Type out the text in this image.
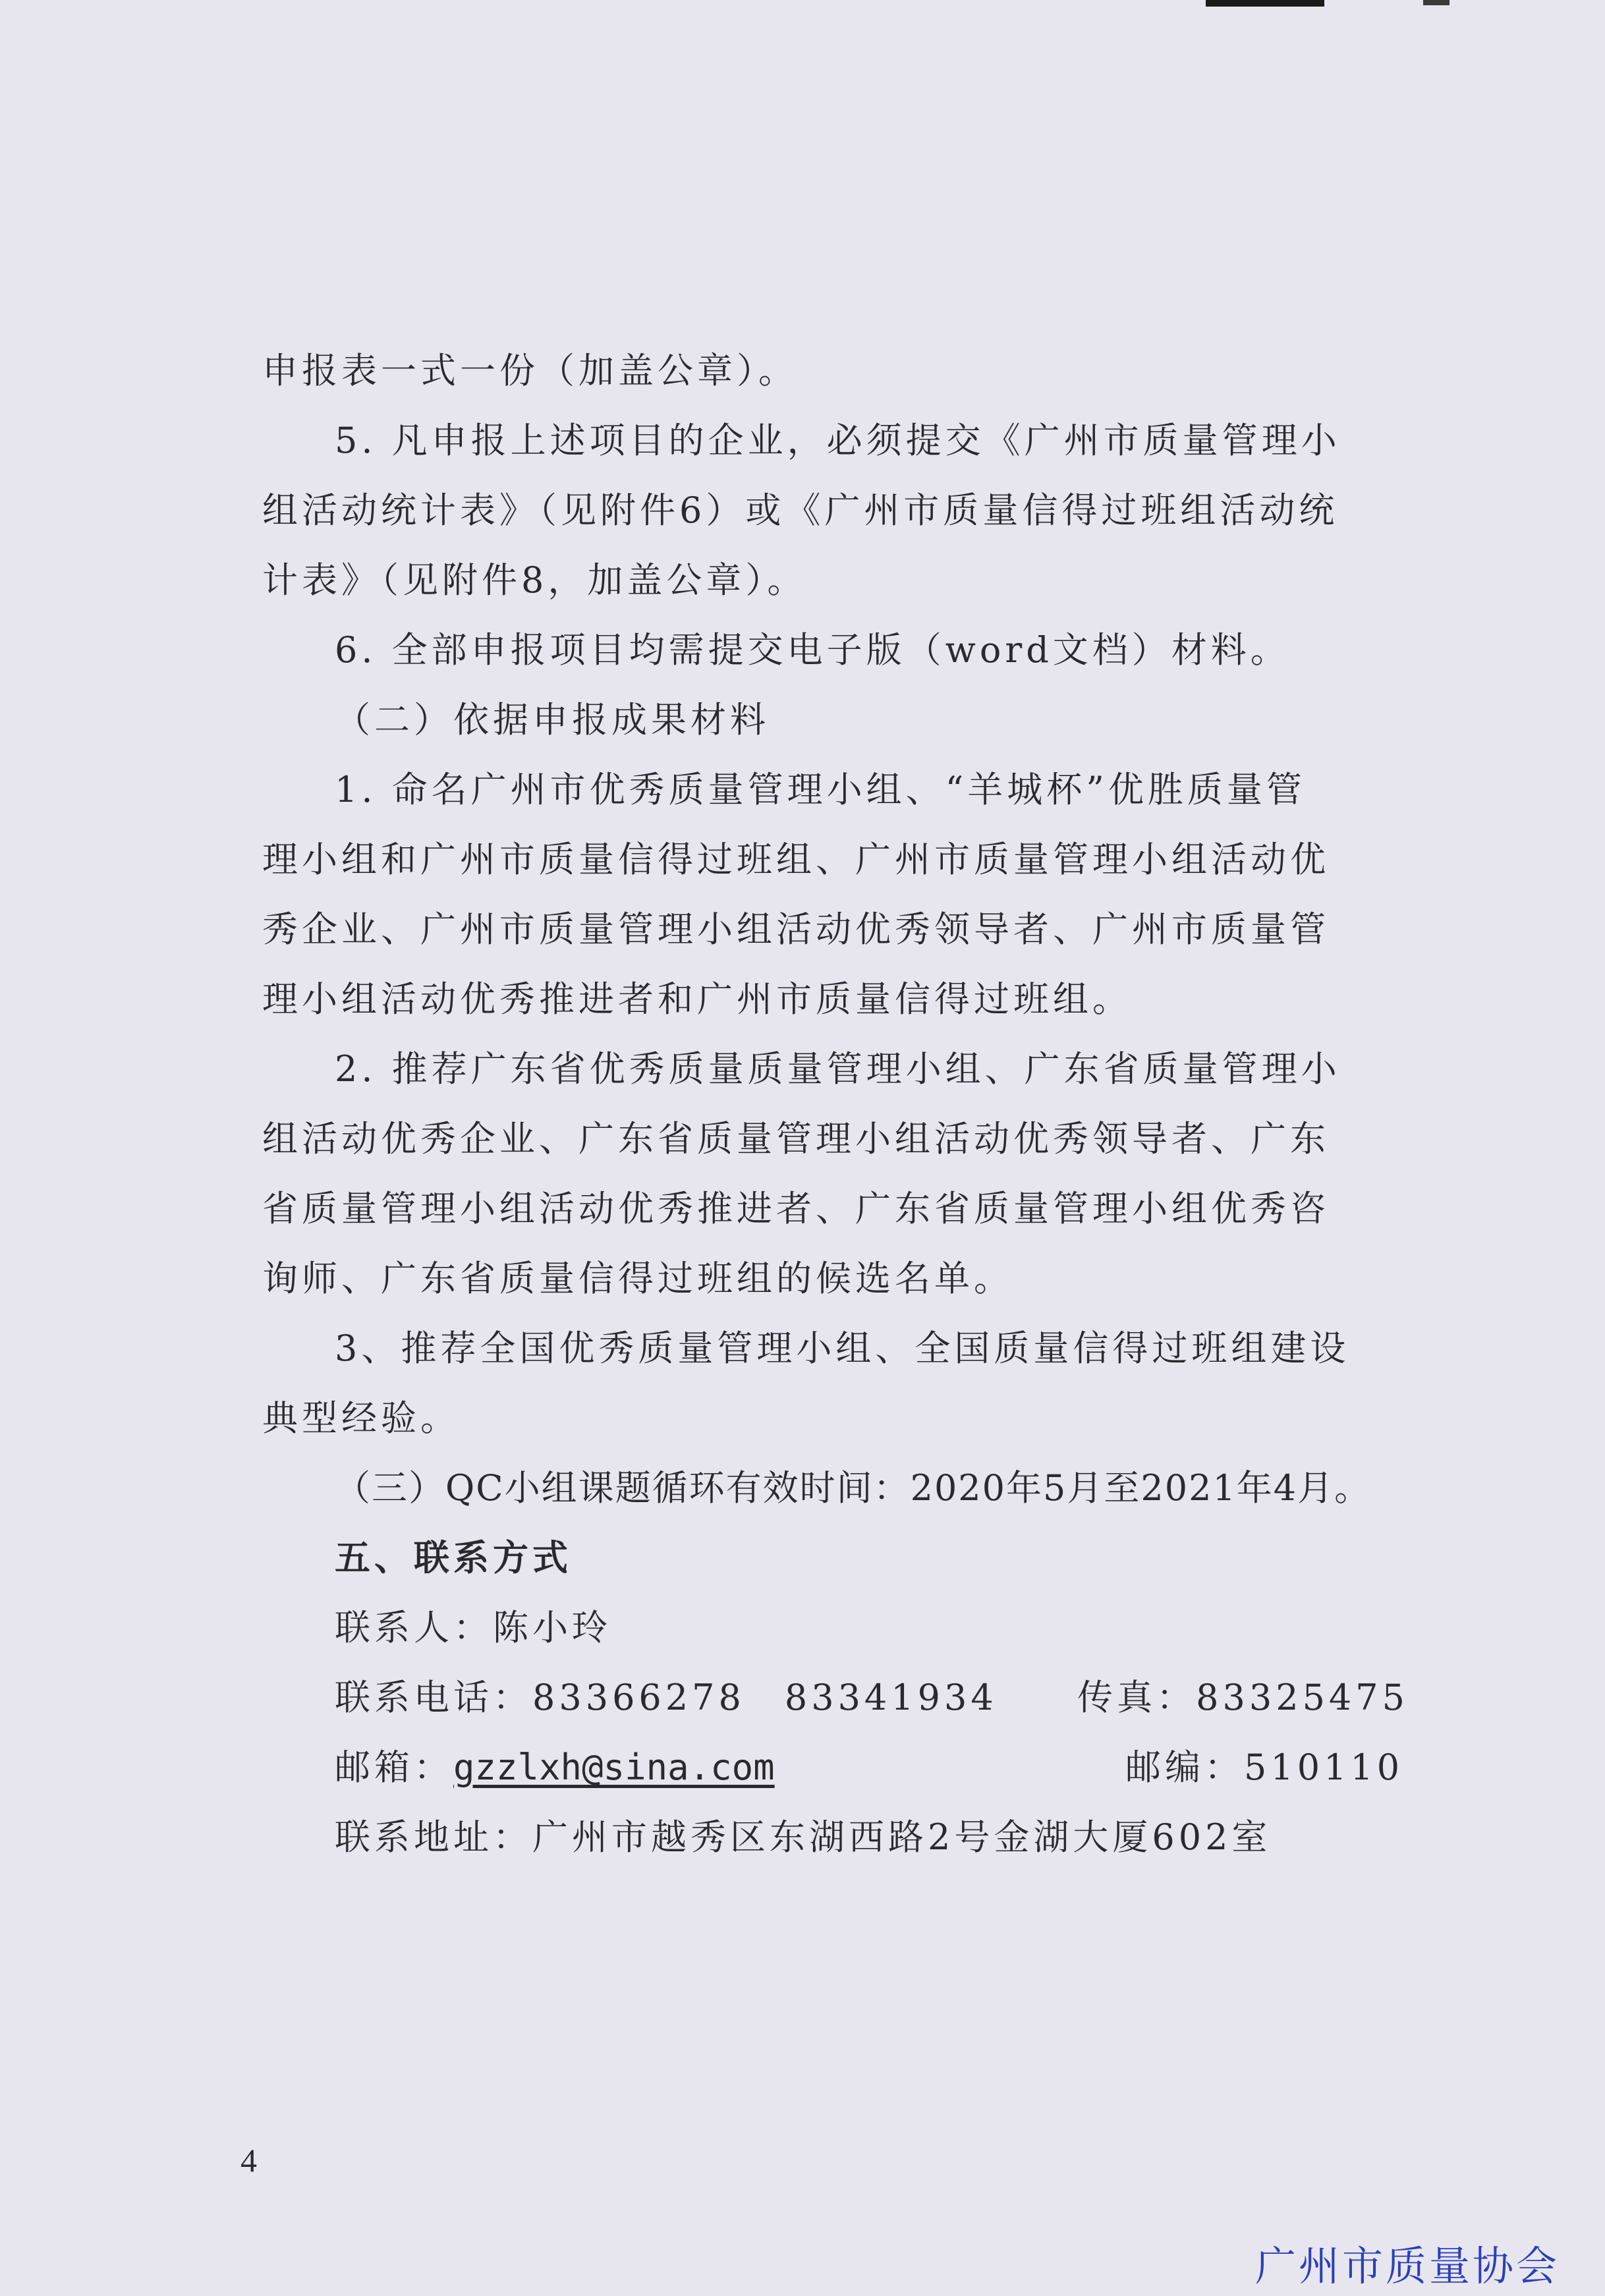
申报表一式一份（加盖公章）。
5. 凡申报上述项目的企业，必须提交《广州市质量管理小
组活动统计表》（见附件6）或《广州市质量信得过班组活动统
计表》（见附件8，加盖公章）。
6. 全部申报项目均需提交电子版（word文档）材料。
（二）依据申报成果材料
1. 命名广州市优秀质量管理小组、“羊城杯”优胜质量管
理小组和广州市质量信得过班组、广州市质量管理小组活动优
秀企业、广州市质量管理小组活动优秀领导者、广州市质量管
理小组活动优秀推进者和广州市质量信得过班组。
2. 推荐广东省优秀质量质量管理小组、广东省质量管理小
组活动优秀企业、广东省质量管理小组活动优秀领导者、广东
省质量管理小组活动优秀推进者、广东省质量管理小组优秀咨
询师、广东省质量信得过班组的候选名单。
3、推荐全国优秀质量管理小组、全国质量信得过班组建设
典型经验。
（三）QC小组课题循环有效时间：2020年5月至2021年4月。
五、联系方式
联系人：陈小玲
联系电话：83366278　83341934	传真：83325475
邮箱：gzzlxh@sina.com	邮编：510110
联系地址：广州市越秀区东湖西路2号金湖大厦602室
4
广州市质量协会
